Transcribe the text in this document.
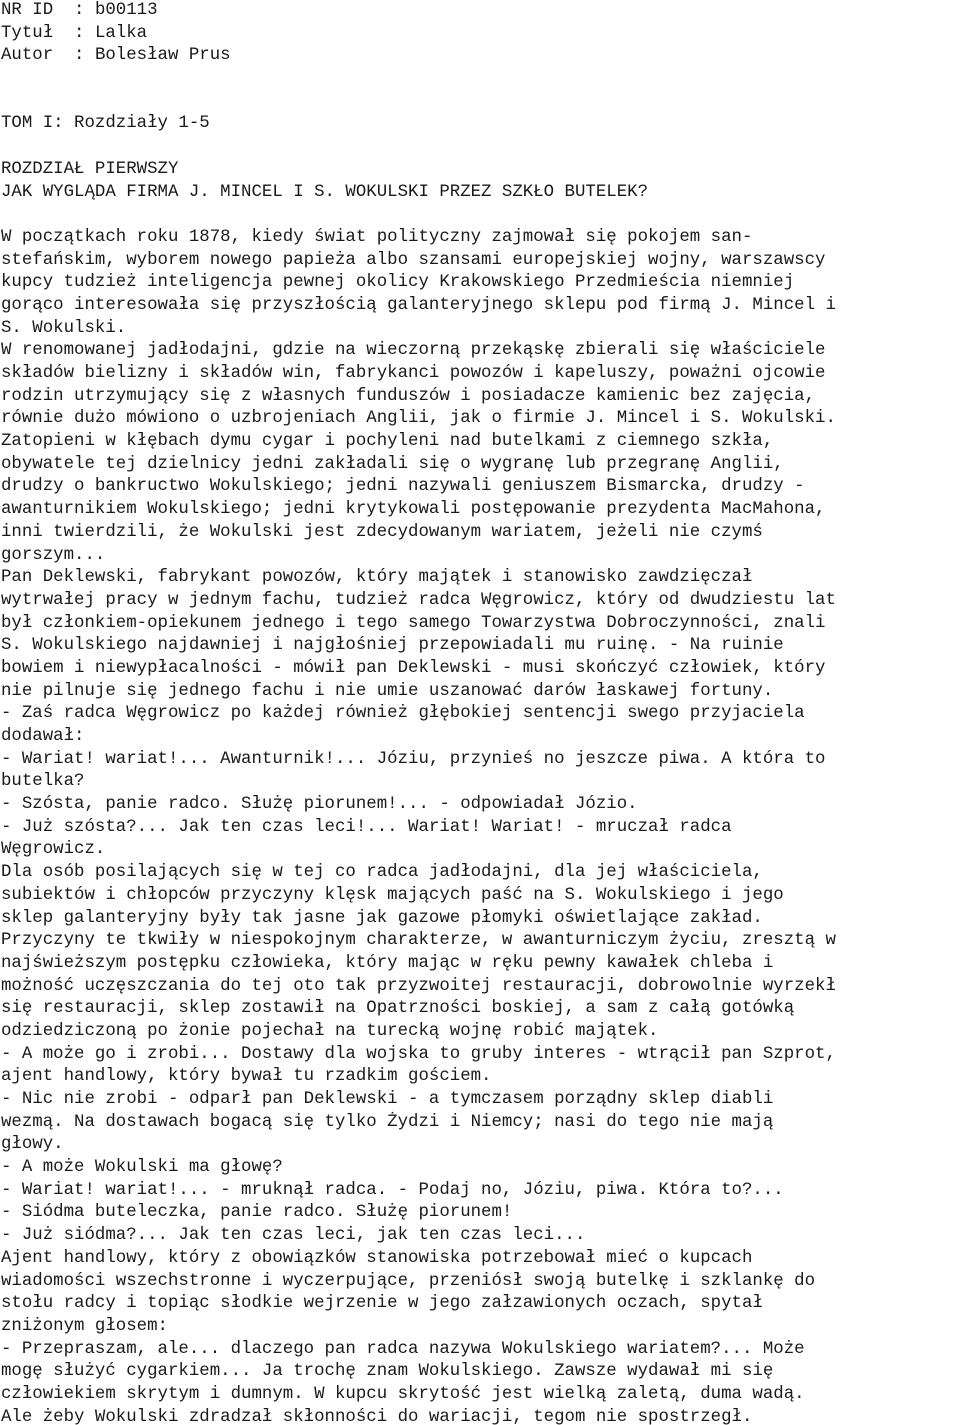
NR ID  : b00113
Tytuł  : Lalka
Autor  : Bolesław Prus
TOM I: Rozdziały 1-5
ROZDZIAŁ PIERWSZY
JAK WYGLĄDA FIRMA J. MINCEL I S. WOKULSKI PRZEZ SZKŁO BUTELEK?
W początkach roku 1878, kiedy świat polityczny zajmował się pokojem san-
stefańskim, wyborem nowego papieża albo szansami europejskiej wojny, warszawscy
kupcy tudzież inteligencja pewnej okolicy Krakowskiego Przedmieścia niemniej
gorąco interesowała się przyszłością galanteryjnego sklepu pod firmą J. Mincel i
S. Wokulski.
W renomowanej jadłodajni, gdzie na wieczorną przekąskę zbierali się właściciele
składów bielizny i składów win, fabrykanci powozów i kapeluszy, poważni ojcowie
rodzin utrzymujący się z własnych funduszów i posiadacze kamienic bez zajęcia,
równie dużo mówiono o uzbrojeniach Anglii, jak o firmie J. Mincel i S. Wokulski.
Zatopieni w kłębach dymu cygar i pochyleni nad butelkami z ciemnego szkła,
obywatele tej dzielnicy jedni zakładali się o wygranę lub przegranę Anglii,
drudzy o bankructwo Wokulskiego; jedni nazywali geniuszem Bismarcka, drudzy -
awanturnikiem Wokulskiego; jedni krytykowali postępowanie prezydenta MacMahona,
inni twierdzili, że Wokulski jest zdecydowanym wariatem, jeżeli nie czymś
gorszym...
Pan Deklewski, fabrykant powozów, który majątek i stanowisko zawdzięczał
wytrwałej pracy w jednym fachu, tudzież radca Węgrowicz, który od dwudziestu lat
był członkiem-opiekunem jednego i tego samego Towarzystwa Dobroczynności, znali
S. Wokulskiego najdawniej i najgłośniej przepowiadali mu ruinę. - Na ruinie
bowiem i niewypłacalności - mówił pan Deklewski - musi skończyć człowiek, który
nie pilnuje się jednego fachu i nie umie uszanować darów łaskawej fortuny.
- Zaś radca Węgrowicz po każdej również głębokiej sentencji swego przyjaciela
dodawał:
- Wariat! wariat!... Awanturnik!... Józiu, przynieś no jeszcze piwa. A która to
butelka?
- Szósta, panie radco. Służę piorunem!... - odpowiadał Józio.
- Już szósta?... Jak ten czas leci!... Wariat! Wariat! - mruczał radca
Węgrowicz.
Dla osób posilających się w tej co radca jadłodajni, dla jej właściciela,
subiektów i chłopców przyczyny klęsk mających paść na S. Wokulskiego i jego
sklep galanteryjny były tak jasne jak gazowe płomyki oświetlające zakład.
Przyczyny te tkwiły w niespokojnym charakterze, w awanturniczym życiu, zresztą w
najświeższym postępku człowieka, który mając w ręku pewny kawałek chleba i
możność uczęszczania do tej oto tak przyzwoitej restauracji, dobrowolnie wyrzekł
się restauracji, sklep zostawił na Opatrzności boskiej, a sam z całą gotówką
odziedziczoną po żonie pojechał na turecką wojnę robić majątek.
- A może go i zrobi... Dostawy dla wojska to gruby interes - wtrącił pan Szprot,
ajent handlowy, który bywał tu rzadkim gościem.
- Nic nie zrobi - odparł pan Deklewski - a tymczasem porządny sklep diabli
wezmą. Na dostawach bogacą się tylko Żydzi i Niemcy; nasi do tego nie mają
głowy.
- A może Wokulski ma głowę?
- Wariat! wariat!... - mruknął radca. - Podaj no, Józiu, piwa. Która to?...
- Siódma buteleczka, panie radco. Służę piorunem!
- Już siódma?... Jak ten czas leci, jak ten czas leci...
Ajent handlowy, który z obowiązków stanowiska potrzebował mieć o kupcach
wiadomości wszechstronne i wyczerpujące, przeniósł swoją butelkę i szklankę do
stołu radcy i topiąc słodkie wejrzenie w jego załzawionych oczach, spytał
zniżonym głosem:
- Przepraszam, ale... dlaczego pan radca nazywa Wokulskiego wariatem?... Może
mogę służyć cygarkiem... Ja trochę znam Wokulskiego. Zawsze wydawał mi się
człowiekiem skrytym i dumnym. W kupcu skrytość jest wielką zaletą, duma wadą.
Ale żeby Wokulski zdradzał skłonności do wariacji, tegom nie spostrzegł.
